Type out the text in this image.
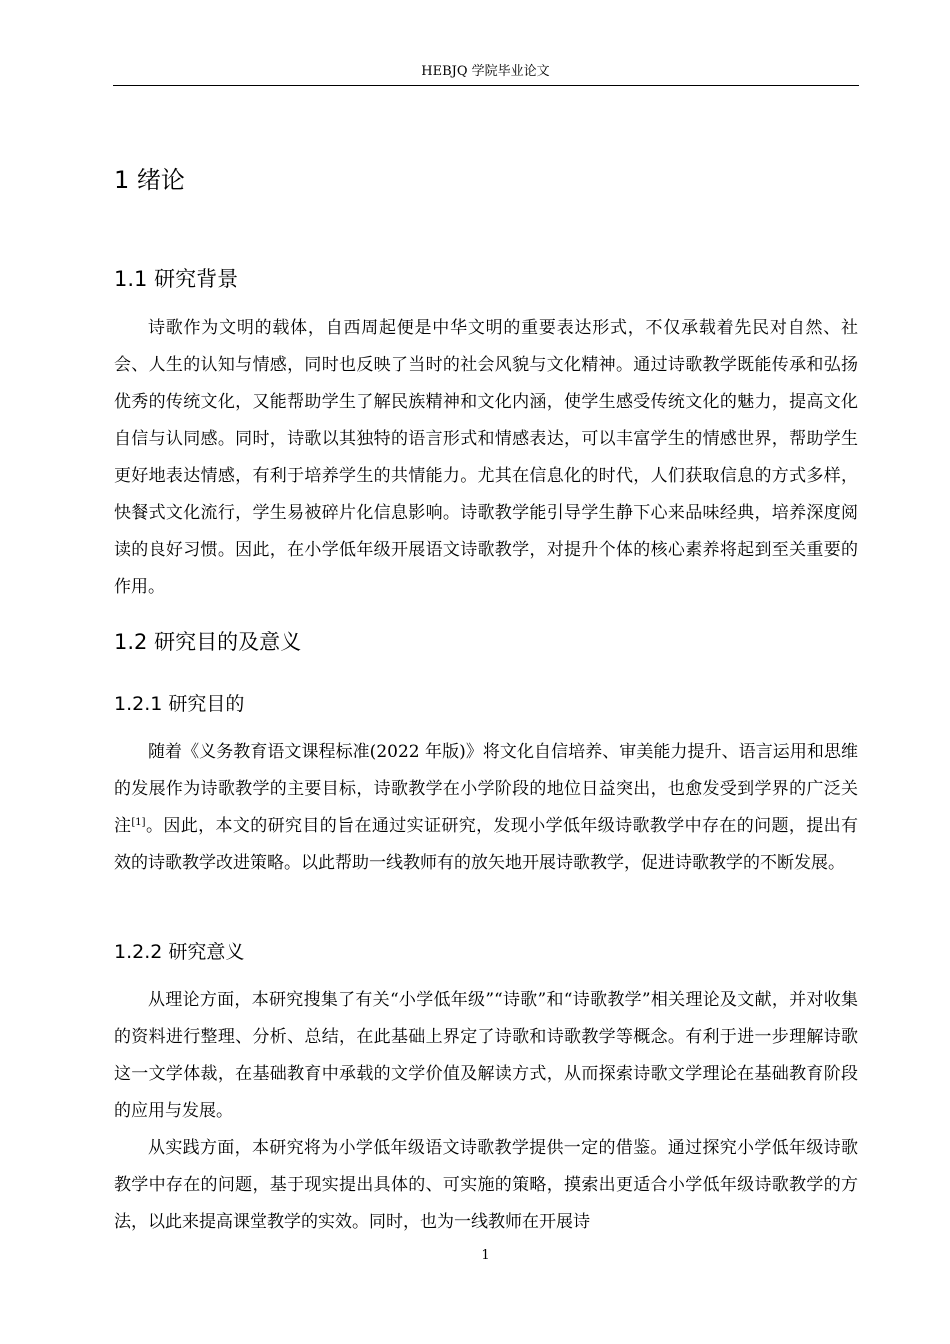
HEBJQ 学院毕业论文
1 绪论
1.1 研究背景

诗歌作为文明的载体，自西周起便是中华文明的重要表达形式，不仅承载着先民对自然、社会、人生的认知与情感，同时也反映了当时的社会风貌与文化精神。通过诗歌教学既能传承和弘扬优秀的传统文化，又能帮助学生了解民族精神和文化内涵，使学生感受传统文化的魅力，提高文化自信与认同感。同时，诗歌以其独特的语言形式和情感表达，可以丰富学生的情感世界，帮助学生更好地表达情感，有利于培养学生的共情能力。尤其在信息化的时代，人们获取信息的方式多样，快餐式文化流行，学生易被碎片化信息影响。诗歌教学能引导学生静下心来品味经典，培养深度阅读的良好习惯。因此，在小学低年级开展语文诗歌教学，对提升个体的核心素养将起到至关重要的作用。

1.2 研究目的及意义
1.2.1 研究目的

随着《义务教育语文课程标准(2022 年版)》将文化自信培养、审美能力提升、语言运用和思维的发展作为诗歌教学的主要目标，诗歌教学在小学阶段的地位日益突出，也愈发受到学界的广泛关注[1]。因此，本文的研究目的旨在通过实证研究，发现小学低年级诗歌教学中存在的问题，提出有效的诗歌教学改进策略。以此帮助一线教师有的放矢地开展诗歌教学，促进诗歌教学的不断发展。

1.2.2 研究意义

从理论方面，本研究搜集了有关“小学低年级”“诗歌”和“诗歌教学”相关理论及文献，并对收集的资料进行整理、分析、总结，在此基础上界定了诗歌和诗歌教学等概念。有利于进一步理解诗歌这一文学体裁，在基础教育中承载的文学价值及解读方式，从而探索诗歌文学理论在基础教育阶段的应用与发展。

从实践方面，本研究将为小学低年级语文诗歌教学提供一定的借鉴。通过探究小学低年级诗歌教学中存在的问题，基于现实提出具体的、可实施的策略，摸索出更适合小学低年级诗歌教学的方法，以此来提高课堂教学的实效。同时，也为一线教师在开展诗

1
